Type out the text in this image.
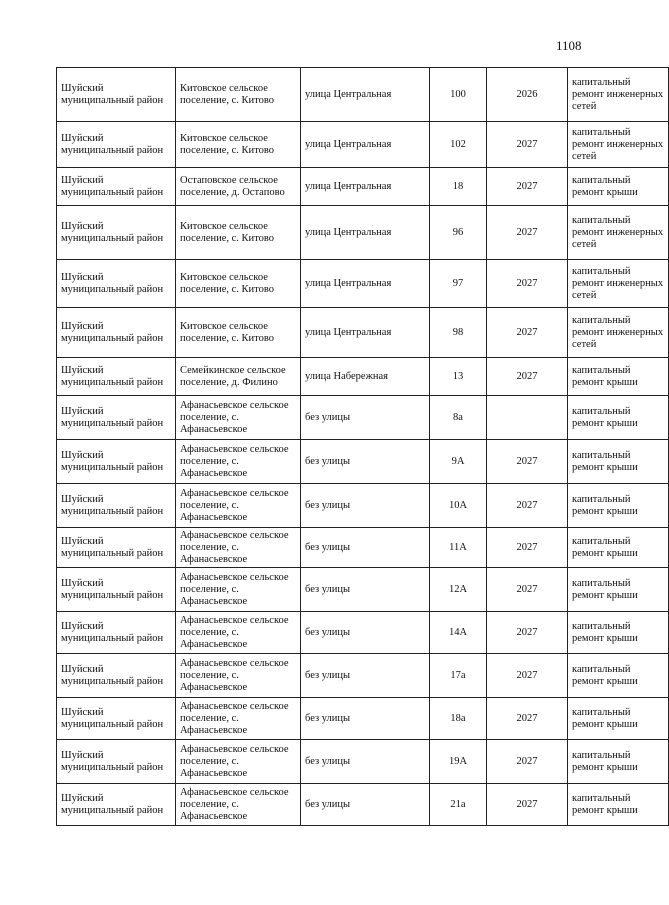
1108
Шуйский муниципальный район	Китовское сельское поселение, с. Китово	улица Центральная	100	2026	капитальный ремонт инженерных сетей
Шуйский муниципальный район	Китовское сельское поселение, с. Китово	улица Центральная	102	2027	капитальный ремонт инженерных сетей
Шуйский муниципальный район	Остаповское сельское поселение, д. Остапово	улица Центральная	18	2027	капитальный ремонт крыши
Шуйский муниципальный район	Китовское сельское поселение, с. Китово	улица Центральная	96	2027	капитальный ремонт инженерных сетей
Шуйский муниципальный район	Китовское сельское поселение, с. Китово	улица Центральная	97	2027	капитальный ремонт инженерных сетей
Шуйский муниципальный район	Китовское сельское поселение, с. Китово	улица Центральная	98	2027	капитальный ремонт инженерных сетей
Шуйский муниципальный район	Семейкинское сельское поселение, д. Филино	улица Набережная	13	2027	капитальный ремонт крыши
Шуйский муниципальный район	Афанасьевское сельское поселение, с. Афанасьевское	без улицы	8а		капитальный ремонт крыши
Шуйский муниципальный район	Афанасьевское сельское поселение, с. Афанасьевское	без улицы	9А	2027	капитальный ремонт крыши
Шуйский муниципальный район	Афанасьевское сельское поселение, с. Афанасьевское	без улицы	10А	2027	капитальный ремонт крыши
Шуйский муниципальный район	Афанасьевское сельское поселение, с. Афанасьевское	без улицы	11А	2027	капитальный ремонт крыши
Шуйский муниципальный район	Афанасьевское сельское поселение, с. Афанасьевское	без улицы	12А	2027	капитальный ремонт крыши
Шуйский муниципальный район	Афанасьевское сельское поселение, с. Афанасьевское	без улицы	14А	2027	капитальный ремонт крыши
Шуйский муниципальный район	Афанасьевское сельское поселение, с. Афанасьевское	без улицы	17а	2027	капитальный ремонт крыши
Шуйский муниципальный район	Афанасьевское сельское поселение, с. Афанасьевское	без улицы	18а	2027	капитальный ремонт крыши
Шуйский муниципальный район	Афанасьевское сельское поселение, с. Афанасьевское	без улицы	19А	2027	капитальный ремонт крыши
Шуйский муниципальный район	Афанасьевское сельское поселение, с. Афанасьевское	без улицы	21а	2027	капитальный ремонт крыши
